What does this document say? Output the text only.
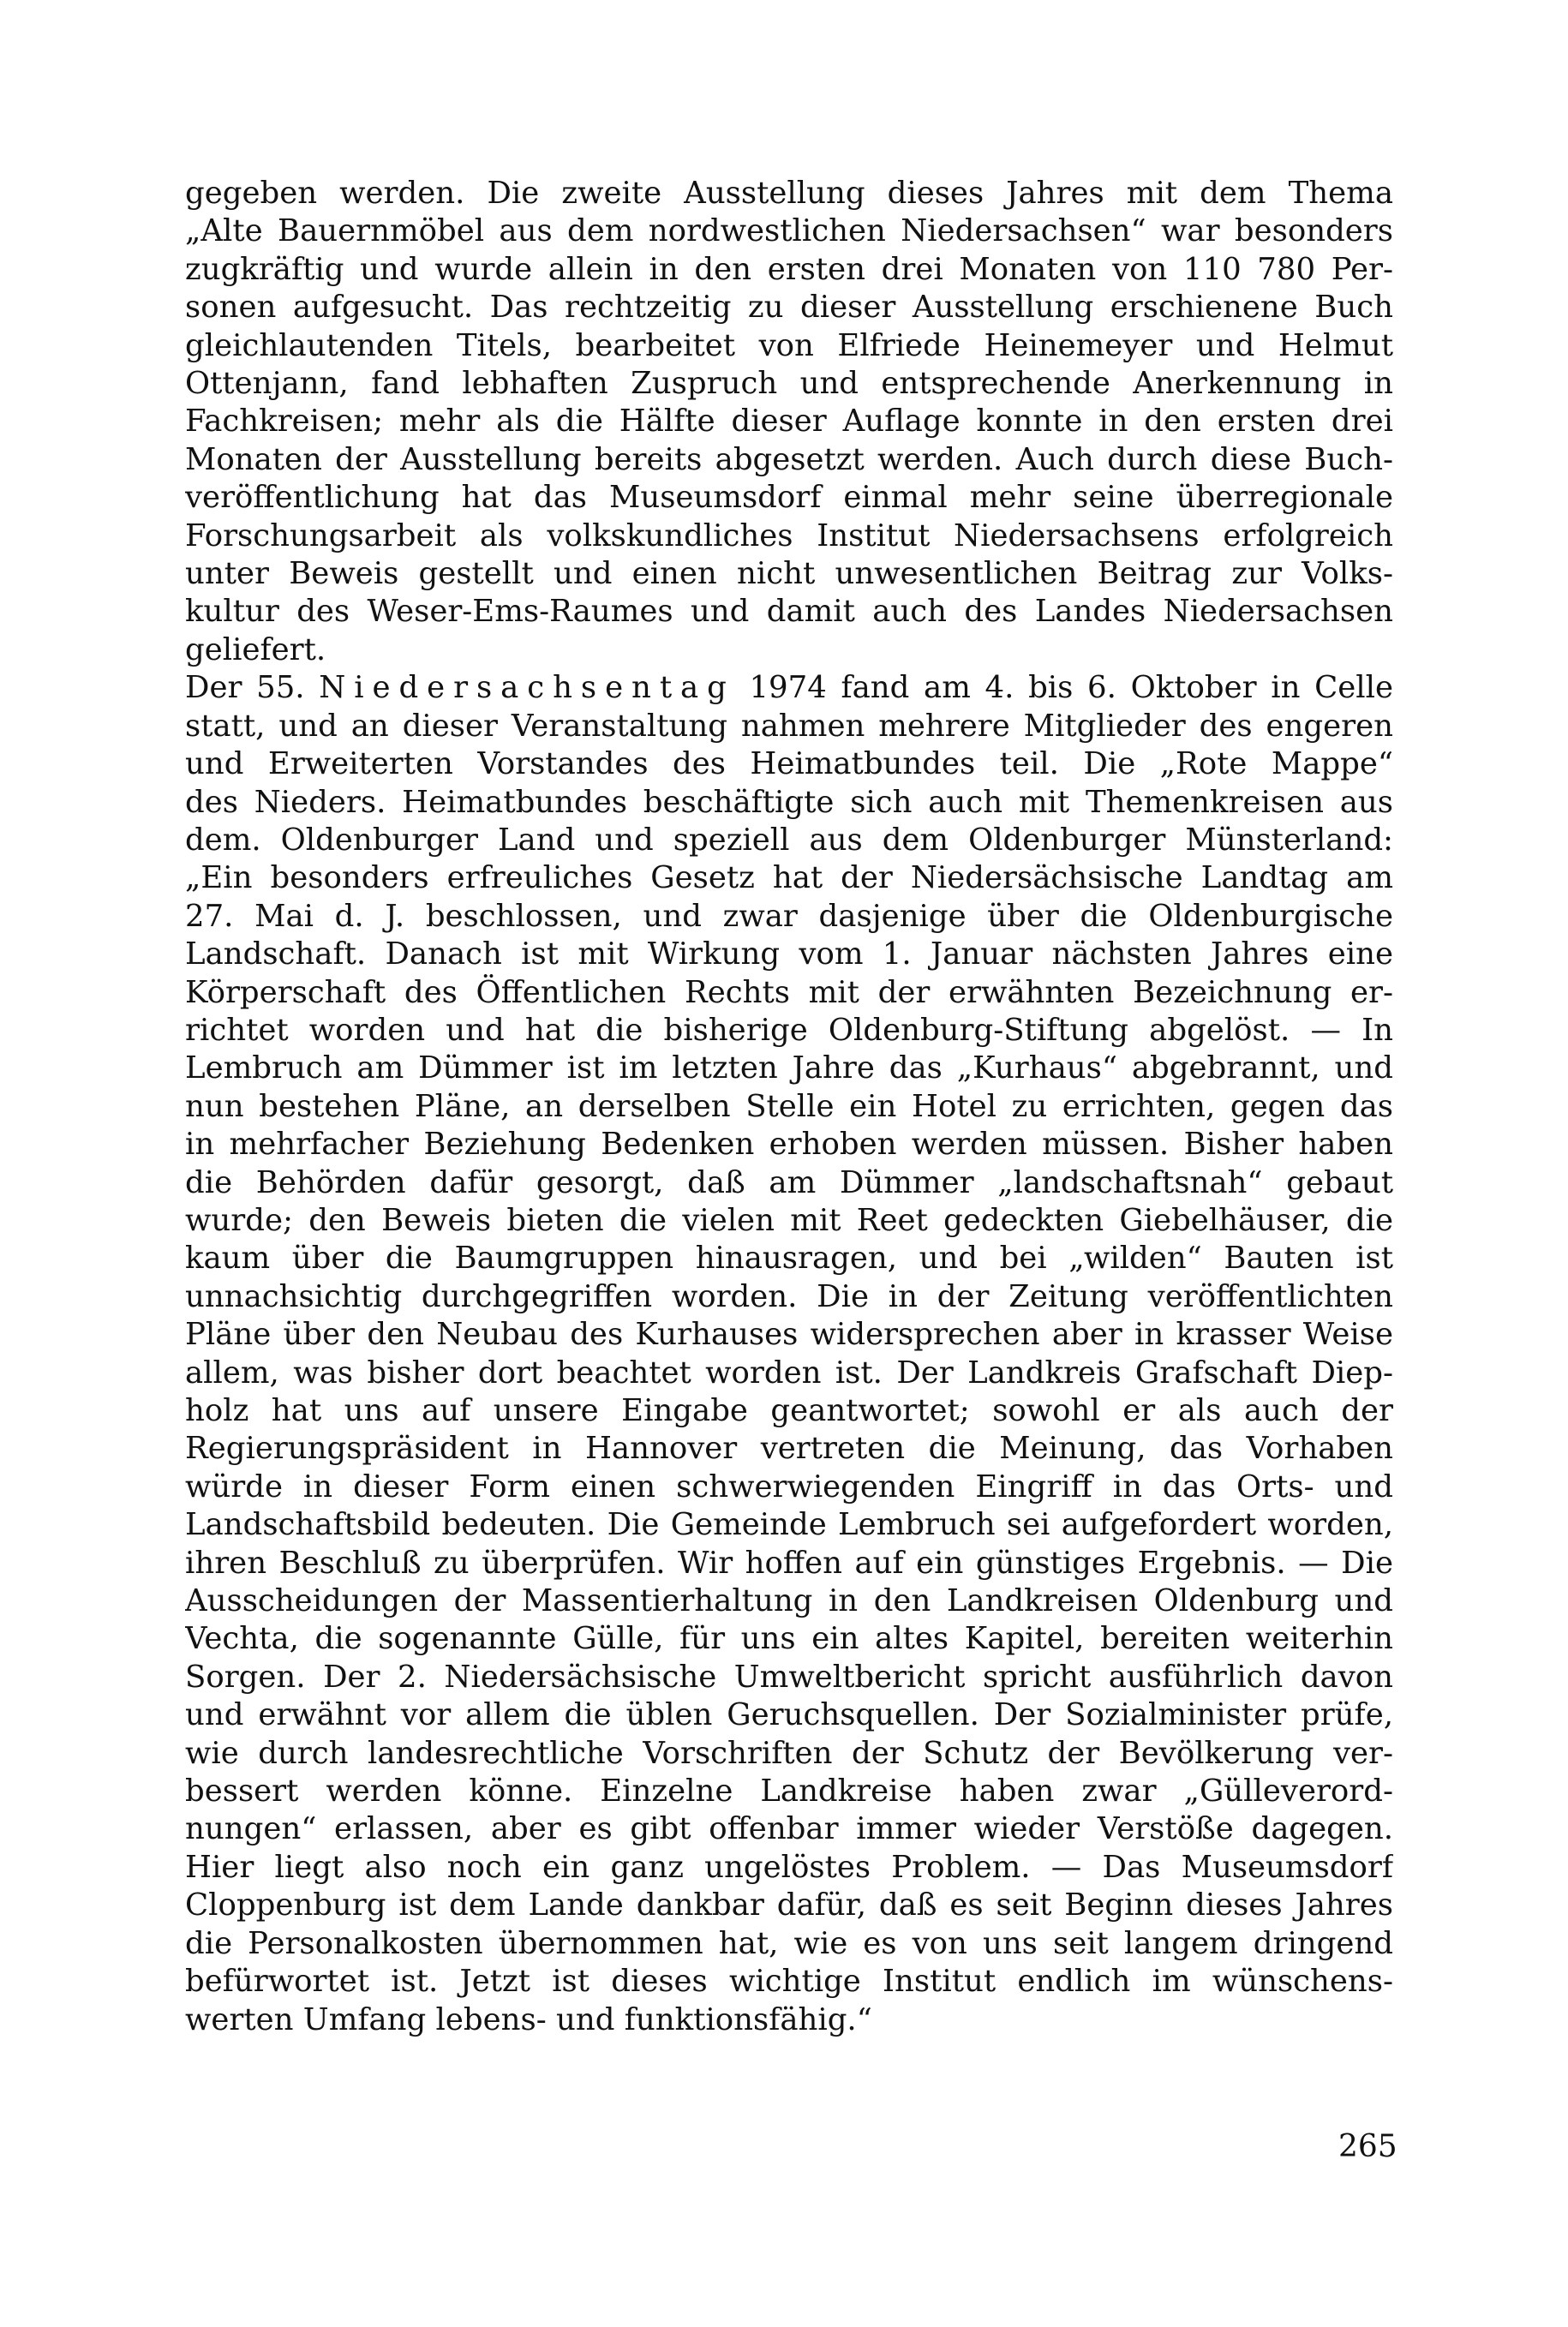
gegeben werden. Die zweite Ausstellung dieses Jahres mit dem Thema
„Alte Bauernmöbel aus dem nordwestlichen Niedersachsen“ war besonders
zugkräftig und wurde allein in den ersten drei Monaten von 110 780 Per-
sonen aufgesucht. Das rechtzeitig zu dieser Ausstellung erschienene Buch
gleichlautenden Titels, bearbeitet von Elfriede Heinemeyer und Helmut
Ottenjann, fand lebhaften Zuspruch und entsprechende Anerkennung in
Fachkreisen; mehr als die Hälfte dieser Auflage konnte in den ersten drei
Monaten der Ausstellung bereits abgesetzt werden. Auch durch diese Buch-
veröffentlichung hat das Museumsdorf einmal mehr seine überregionale
Forschungsarbeit als volkskundliches Institut Niedersachsens erfolgreich
unter Beweis gestellt und einen nicht unwesentlichen Beitrag zur Volks-
kultur des Weser-Ems-Raumes und damit auch des Landes Niedersachsen
geliefert.
Der 55. Niedersachsentag 1974 fand am 4. bis 6. Oktober in Celle
statt, und an dieser Veranstaltung nahmen mehrere Mitglieder des engeren
und Erweiterten Vorstandes des Heimatbundes teil. Die „Rote Mappe“
des Nieders. Heimatbundes beschäftigte sich auch mit Themenkreisen aus
dem. Oldenburger Land und speziell aus dem Oldenburger Münsterland:
„Ein besonders erfreuliches Gesetz hat der Niedersächsische Landtag am
27. Mai d. J. beschlossen, und zwar dasjenige über die Oldenburgische
Landschaft. Danach ist mit Wirkung vom 1. Januar nächsten Jahres eine
Körperschaft des Öffentlichen Rechts mit der erwähnten Bezeichnung er-
richtet worden und hat die bisherige Oldenburg-Stiftung abgelöst. — In
Lembruch am Dümmer ist im letzten Jahre das „Kurhaus“ abgebrannt, und
nun bestehen Pläne, an derselben Stelle ein Hotel zu errichten, gegen das
in mehrfacher Beziehung Bedenken erhoben werden müssen. Bisher haben
die Behörden dafür gesorgt, daß am Dümmer „landschaftsnah“ gebaut
wurde; den Beweis bieten die vielen mit Reet gedeckten Giebelhäuser, die
kaum über die Baumgruppen hinausragen, und bei „wilden“ Bauten ist
unnachsichtig durchgegriffen worden. Die in der Zeitung veröffentlichten
Pläne über den Neubau des Kurhauses widersprechen aber in krasser Weise
allem, was bisher dort beachtet worden ist. Der Landkreis Grafschaft Diep-
holz hat uns auf unsere Eingabe geantwortet; sowohl er als auch der
Regierungspräsident in Hannover vertreten die Meinung, das Vorhaben
würde in dieser Form einen schwerwiegenden Eingriff in das Orts- und
Landschaftsbild bedeuten. Die Gemeinde Lembruch sei aufgefordert worden,
ihren Beschluß zu überprüfen. Wir hoffen auf ein günstiges Ergebnis. — Die
Ausscheidungen der Massentierhaltung in den Landkreisen Oldenburg und
Vechta, die sogenannte Gülle, für uns ein altes Kapitel, bereiten weiterhin
Sorgen. Der 2. Niedersächsische Umweltbericht spricht ausführlich davon
und erwähnt vor allem die üblen Geruchsquellen. Der Sozialminister prüfe,
wie durch landesrechtliche Vorschriften der Schutz der Bevölkerung ver-
bessert werden könne. Einzelne Landkreise haben zwar „Gülleverord-
nungen“ erlassen, aber es gibt offenbar immer wieder Verstöße dagegen.
Hier liegt also noch ein ganz ungelöstes Problem. — Das Museumsdorf
Cloppenburg ist dem Lande dankbar dafür, daß es seit Beginn dieses Jahres
die Personalkosten übernommen hat, wie es von uns seit langem dringend
befürwortet ist. Jetzt ist dieses wichtige Institut endlich im wünschens-
werten Umfang lebens- und funktionsfähig.“
265
